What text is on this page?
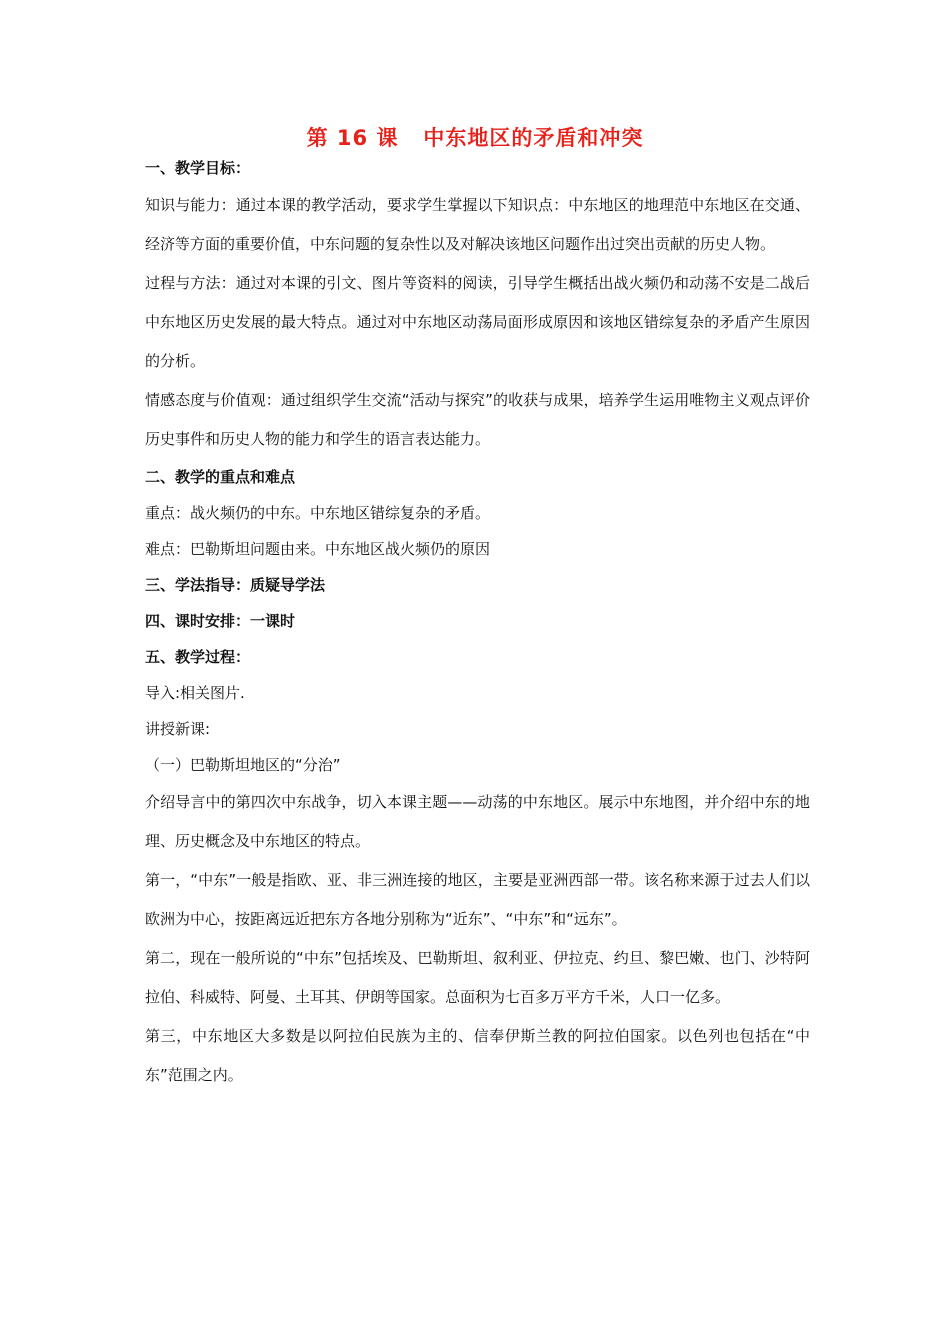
第 16 课   中东地区的矛盾和冲突

一、教学目标：

知识与能力：通过本课的教学活动，要求学生掌握以下知识点：中东地区的地理范中东地区在交通、经济等方面的重要价值，中东问题的复杂性以及对解决该地区问题作出过突出贡献的历史人物。

过程与方法：通过对本课的引文、图片等资料的阅读，引导学生概括出战火频仍和动荡不安是二战后中东地区历史发展的最大特点。通过对中东地区动荡局面形成原因和该地区错综复杂的矛盾产生原因的分析。

情感态度与价值观：通过组织学生交流“活动与探究”的收获与成果，培养学生运用唯物主义观点评价历史事件和历史人物的能力和学生的语言表达能力。

二、教学的重点和难点

重点：战火频仍的中东。中东地区错综复杂的矛盾。

难点：巴勒斯坦问题由来。中东地区战火频仍的原因

三、学法指导：质疑导学法

四、课时安排：一课时

五、教学过程：

导入:相关图片.

讲授新课:

（一）巴勒斯坦地区的“分治”

介绍导言中的第四次中东战争，切入本课主题——动荡的中东地区。展示中东地图，并介绍中东的地理、历史概念及中东地区的特点。

第一，“中东”一般是指欧、亚、非三洲连接的地区，主要是亚洲西部一带。该名称来源于过去人们以欧洲为中心，按距离远近把东方各地分别称为“近东”、“中东”和“远东”。

第二，现在一般所说的“中东”包括埃及、巴勒斯坦、叙利亚、伊拉克、约旦、黎巴嫩、也门、沙特阿拉伯、科威特、阿曼、土耳其、伊朗等国家。总面积为七百多万平方千米，人口一亿多。

第三，中东地区大多数是以阿拉伯民族为主的、信奉伊斯兰教的阿拉伯国家。以色列也包括在“中东”范围之内。
